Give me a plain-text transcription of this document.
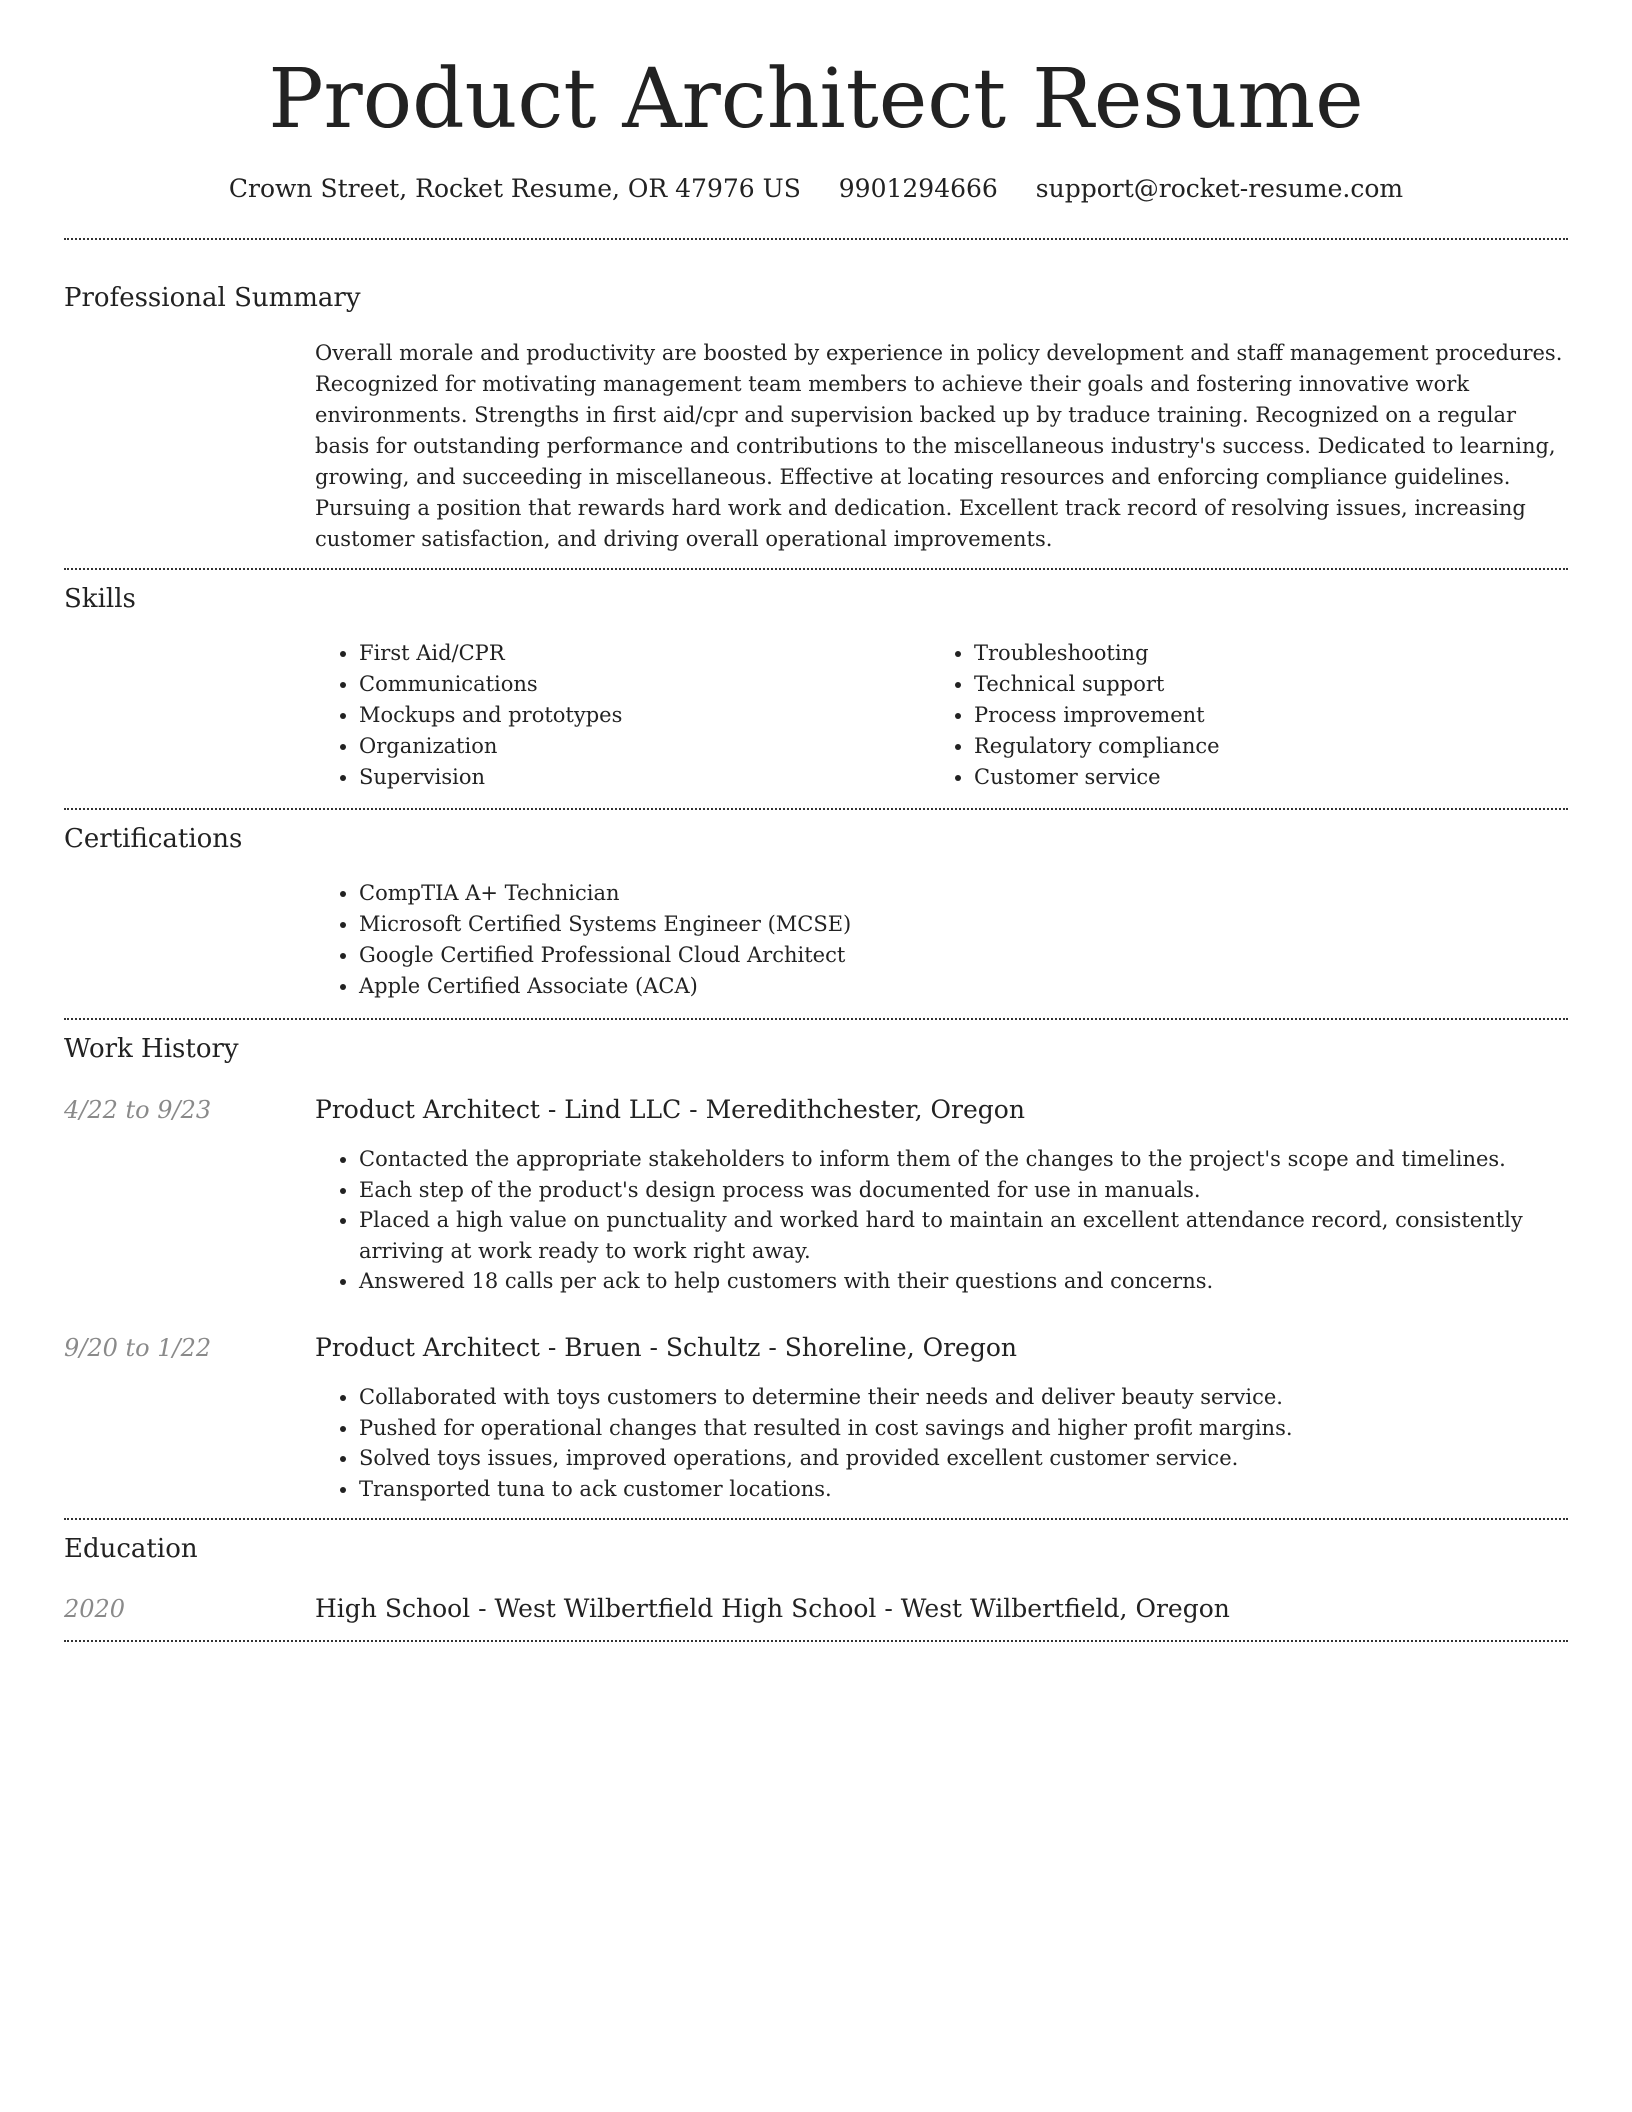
Product Architect Resume
Crown Street, Rocket Resume, OR 47976 US 9901294666 support@rocket-resume.com
Professional Summary
Overall morale and productivity are boosted by experience in policy development and staff management procedures. Recognized for motivating management team members to achieve their goals and fostering innovative work environments. Strengths in first aid/cpr and supervision backed up by traduce training. Recognized on a regular basis for outstanding performance and contributions to the miscellaneous industry's success. Dedicated to learning, growing, and succeeding in miscellaneous. Effective at locating resources and enforcing compliance guidelines. Pursuing a position that rewards hard work and dedication. Excellent track record of resolving issues, increasing customer satisfaction, and driving overall operational improvements.
Skills
• First Aid/CPR
• Communications
• Mockups and prototypes
• Organization
• Supervision
• Troubleshooting
• Technical support
• Process improvement
• Regulatory compliance
• Customer service
Certifications
• CompTIA A+ Technician
• Microsoft Certified Systems Engineer (MCSE)
• Google Certified Professional Cloud Architect
• Apple Certified Associate (ACA)
Work History
4/22 to 9/23	Product Architect - Lind LLC - Meredithchester, Oregon
• Contacted the appropriate stakeholders to inform them of the changes to the project's scope and timelines.
• Each step of the product's design process was documented for use in manuals.
• Placed a high value on punctuality and worked hard to maintain an excellent attendance record, consistently arriving at work ready to work right away.
• Answered 18 calls per ack to help customers with their questions and concerns.
9/20 to 1/22	Product Architect - Bruen - Schultz - Shoreline, Oregon
• Collaborated with toys customers to determine their needs and deliver beauty service.
• Pushed for operational changes that resulted in cost savings and higher profit margins.
• Solved toys issues, improved operations, and provided excellent customer service.
• Transported tuna to ack customer locations.
Education
2020	High School - West Wilbertfield High School - West Wilbertfield, Oregon
